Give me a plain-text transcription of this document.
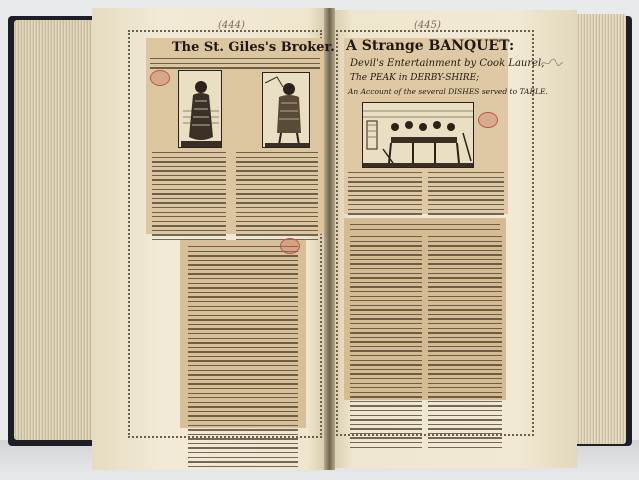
(444)	(445)
The St. Giles's Broker. A Strange BANQUET:
Devil's Entertainment by Cook Laurel,
The PEAK in DERBY-SHIRE;
An Account of the several DISHES served to TABLE.
